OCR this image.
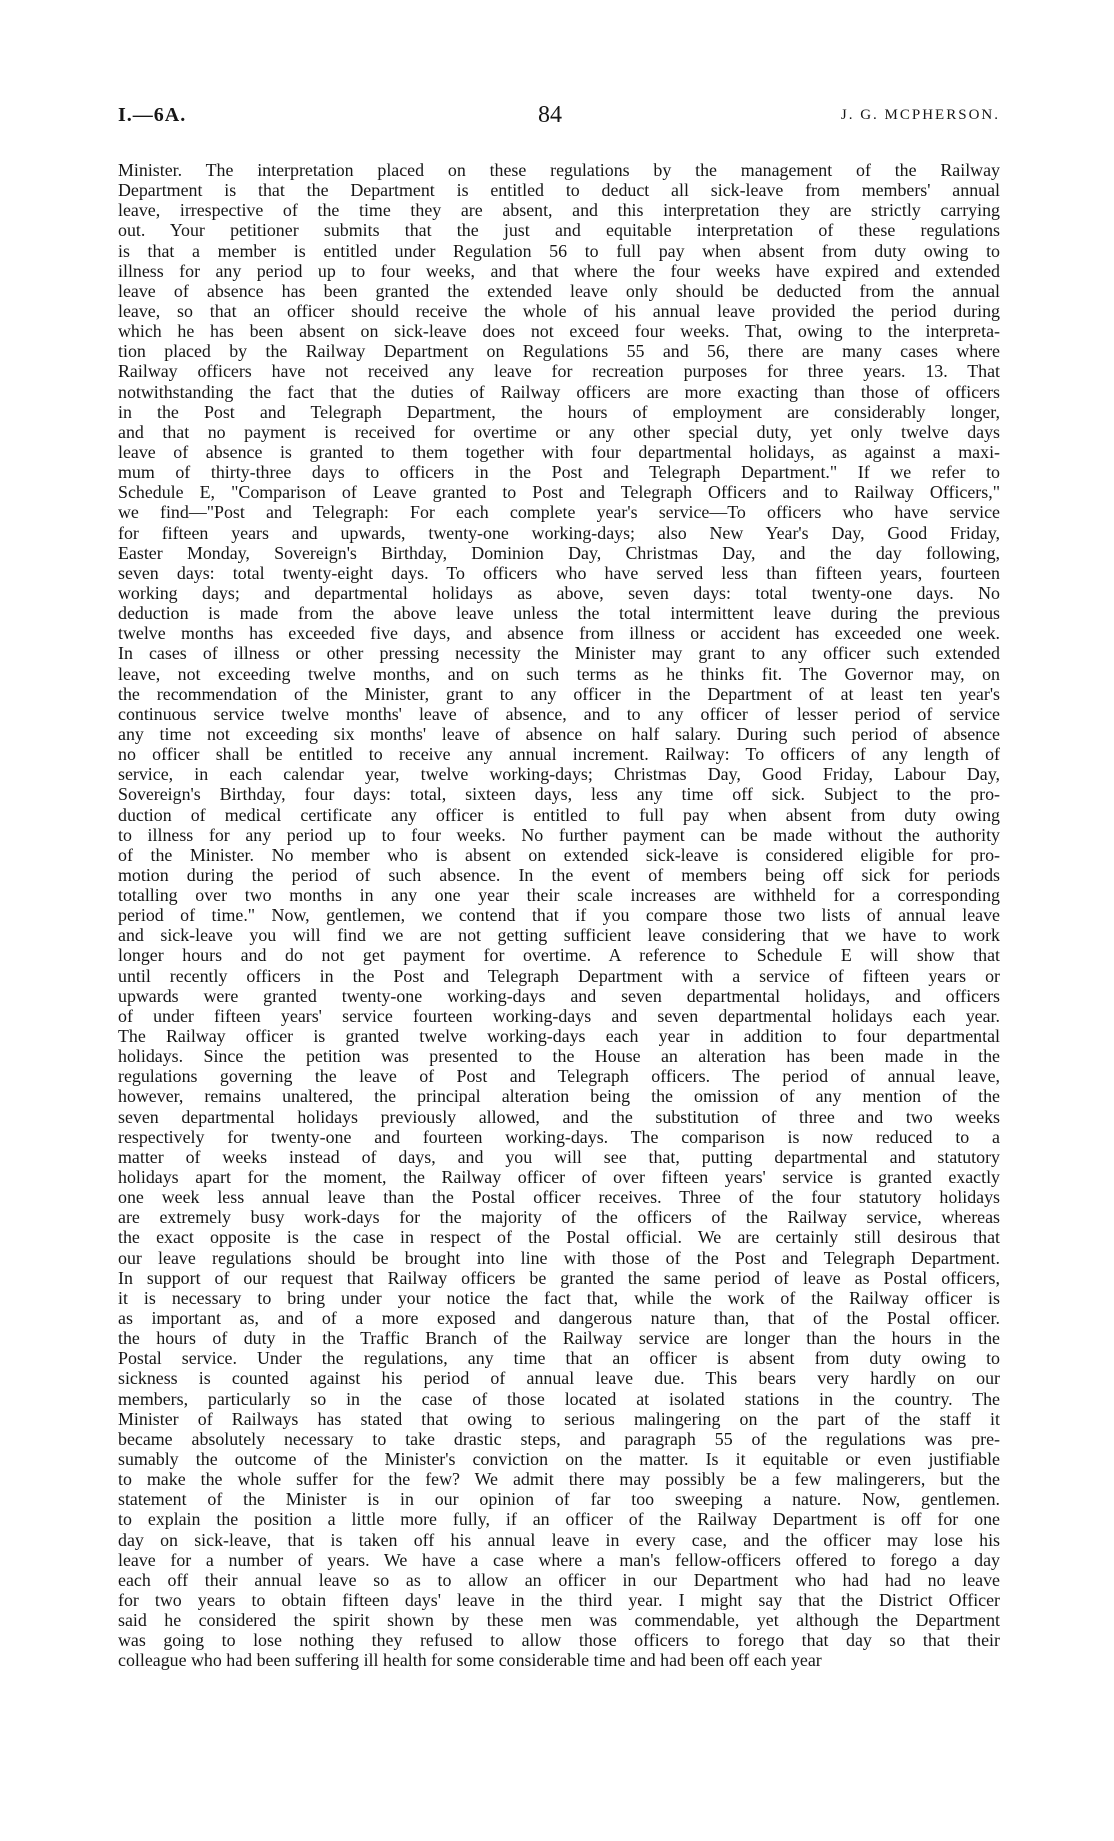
I.—6A.	84	J. G. MCPHERSON.
Minister. The interpretation placed on these regulations by the management of the Railway
Department is that the Department is entitled to deduct all sick-leave from members' annual
leave, irrespective of the time they are absent, and this interpretation they are strictly carrying
out. Your petitioner submits that the just and equitable interpretation of these regulations
is that a member is entitled under Regulation 56 to full pay when absent from duty owing to
illness for any period up to four weeks, and that where the four weeks have expired and extended
leave of absence has been granted the extended leave only should be deducted from the annual
leave, so that an officer should receive the whole of his annual leave provided the period during
which he has been absent on sick-leave does not exceed four weeks. That, owing to the interpreta-
tion placed by the Railway Department on Regulations 55 and 56, there are many cases where
Railway officers have not received any leave for recreation purposes for three years. 13. That
notwithstanding the fact that the duties of Railway officers are more exacting than those of officers
in the Post and Telegraph Department, the hours of employment are considerably longer,
and that no payment is received for overtime or any other special duty, yet only twelve days
leave of absence is granted to them together with four departmental holidays, as against a maxi-
mum of thirty-three days to officers in the Post and Telegraph Department." If we refer to
Schedule E, "Comparison of Leave granted to Post and Telegraph Officers and to Railway Officers,"
we find—"Post and Telegraph: For each complete year's service—To officers who have service
for fifteen years and upwards, twenty-one working-days; also New Year's Day, Good Friday,
Easter Monday, Sovereign's Birthday, Dominion Day, Christmas Day, and the day following,
seven days: total twenty-eight days. To officers who have served less than fifteen years, fourteen
working days; and departmental holidays as above, seven days: total twenty-one days. No
deduction is made from the above leave unless the total intermittent leave during the previous
twelve months has exceeded five days, and absence from illness or accident has exceeded one week.
In cases of illness or other pressing necessity the Minister may grant to any officer such extended
leave, not exceeding twelve months, and on such terms as he thinks fit. The Governor may, on
the recommendation of the Minister, grant to any officer in the Department of at least ten year's
continuous service twelve months' leave of absence, and to any officer of lesser period of service
any time not exceeding six months' leave of absence on half salary. During such period of absence
no officer shall be entitled to receive any annual increment. Railway: To officers of any length of
service, in each calendar year, twelve working-days; Christmas Day, Good Friday, Labour Day,
Sovereign's Birthday, four days: total, sixteen days, less any time off sick. Subject to the pro-
duction of medical certificate any officer is entitled to full pay when absent from duty owing
to illness for any period up to four weeks. No further payment can be made without the authority
of the Minister. No member who is absent on extended sick-leave is considered eligible for pro-
motion during the period of such absence. In the event of members being off sick for periods
totalling over two months in any one year their scale increases are withheld for a corresponding
period of time." Now, gentlemen, we contend that if you compare those two lists of annual leave
and sick-leave you will find we are not getting sufficient leave considering that we have to work
longer hours and do not get payment for overtime. A reference to Schedule E will show that
until recently officers in the Post and Telegraph Department with a service of fifteen years or
upwards were granted twenty-one working-days and seven departmental holidays, and officers
of under fifteen years' service fourteen working-days and seven departmental holidays each year.
The Railway officer is granted twelve working-days each year in addition to four departmental
holidays. Since the petition was presented to the House an alteration has been made in the
regulations governing the leave of Post and Telegraph officers. The period of annual leave,
however, remains unaltered, the principal alteration being the omission of any mention of the
seven departmental holidays previously allowed, and the substitution of three and two weeks
respectively for twenty-one and fourteen working-days. The comparison is now reduced to a
matter of weeks instead of days, and you will see that, putting departmental and statutory
holidays apart for the moment, the Railway officer of over fifteen years' service is granted exactly
one week less annual leave than the Postal officer receives. Three of the four statutory holidays
are extremely busy work-days for the majority of the officers of the Railway service, whereas
the exact opposite is the case in respect of the Postal official. We are certainly still desirous that
our leave regulations should be brought into line with those of the Post and Telegraph Department.
In support of our request that Railway officers be granted the same period of leave as Postal officers,
it is necessary to bring under your notice the fact that, while the work of the Railway officer is
as important as, and of a more exposed and dangerous nature than, that of the Postal officer.
the hours of duty in the Traffic Branch of the Railway service are longer than the hours in the
Postal service. Under the regulations, any time that an officer is absent from duty owing to
sickness is counted against his period of annual leave due. This bears very hardly on our
members, particularly so in the case of those located at isolated stations in the country. The
Minister of Railways has stated that owing to serious malingering on the part of the staff it
became absolutely necessary to take drastic steps, and paragraph 55 of the regulations was pre-
sumably the outcome of the Minister's conviction on the matter. Is it equitable or even justifiable
to make the whole suffer for the few? We admit there may possibly be a few malingerers, but the
statement of the Minister is in our opinion of far too sweeping a nature. Now, gentlemen.
to explain the position a little more fully, if an officer of the Railway Department is off for one
day on sick-leave, that is taken off his annual leave in every case, and the officer may lose his
leave for a number of years. We have a case where a man's fellow-officers offered to forego a day
each off their annual leave so as to allow an officer in our Department who had had no leave
for two years to obtain fifteen days' leave in the third year. I might say that the District Officer
said he considered the spirit shown by these men was commendable, yet although the Department
was going to lose nothing they refused to allow those officers to forego that day so that their
colleague who had been suffering ill health for some considerable time and had been off each year
